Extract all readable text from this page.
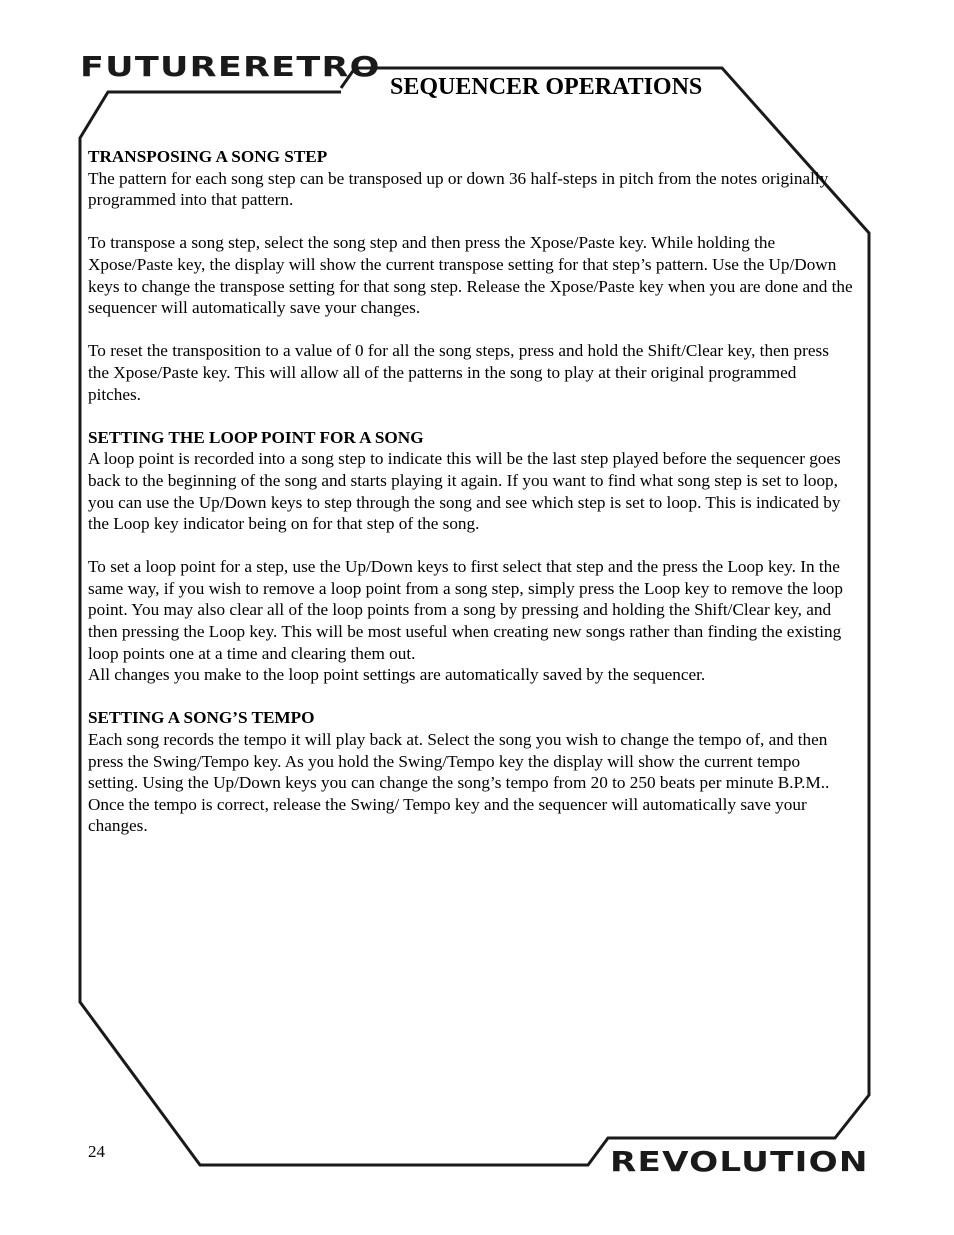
FUTURERETRO
SEQUENCER OPERATIONS
TRANSPOSING A SONG STEP

The pattern for each song step can be transposed up or down 36 half-steps in pitch from the notes originally programmed into that pattern.

To transpose a song step, select the song step and then press the Xpose/Paste key. While holding the Xpose/Paste key, the display will show the current transpose setting for that step’s pattern. Use the Up/Down keys to change the transpose setting for that song step. Release the Xpose/Paste key when you are done and the sequencer will automatically save your changes.

To reset the transposition to a value of 0 for all the song steps, press and hold the Shift/Clear key, then press the Xpose/Paste key. This will allow all of the patterns in the song to play at their original programmed pitches.

SETTING THE LOOP POINT FOR A SONG

A loop point is recorded into a song step to indicate this will be the last step played before the sequencer goes back to the beginning of the song and starts playing it again. If you want to find what song step is set to loop, you can use the Up/Down keys to step through the song and see which step is set to loop. This is indicated by the Loop key indicator being on for that step of the song.

To set a loop point for a step, use the Up/Down keys to first select that step and the press the Loop key. In the same way, if you wish to remove a loop point from a song step, simply press the Loop key to remove the loop point. You may also clear all of the loop points from a song by pressing and holding the Shift/Clear key, and then pressing the Loop key. This will be most useful when creating new songs rather than finding the existing loop points one at a time and clearing them out.

All changes you make to the loop point settings are automatically saved by the sequencer.

SETTING A SONG’S TEMPO

Each song records the tempo it will play back at. Select the song you wish to change the tempo of, and then press the Swing/Tempo key. As you hold the Swing/Tempo key the display will show the current tempo setting. Using the Up/Down keys you can change the song’s tempo from 20 to 250 beats per minute B.P.M.. Once the tempo is correct, release the Swing/ Tempo key and the sequencer will automatically save your changes.

24	REVOLUTION
